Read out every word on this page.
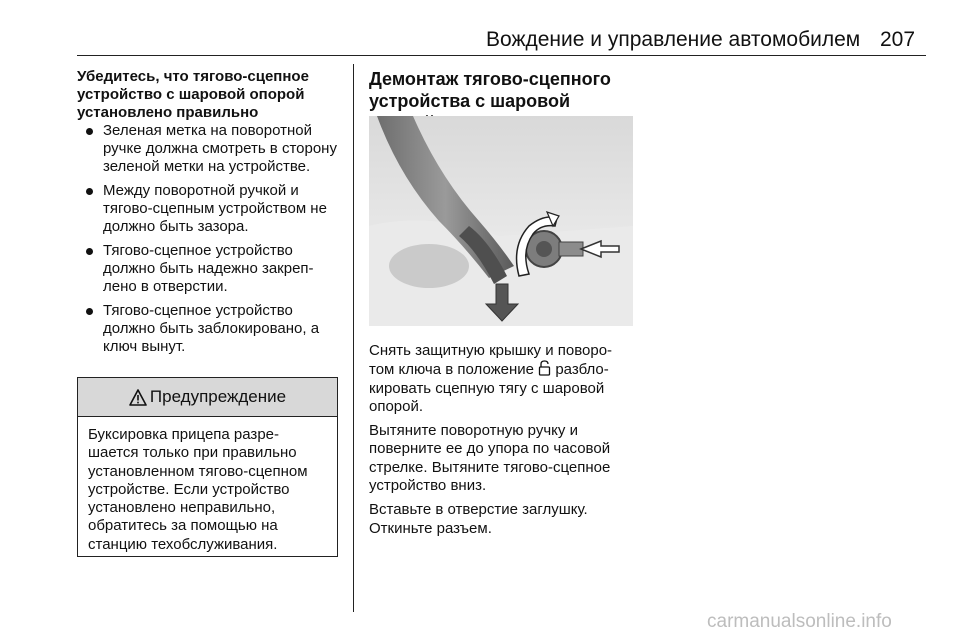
Вождение и управление автомобилем 207
Убедитесь, что тягово-сцепное устройство с шаровой опорой установлено правильно
Зеленая метка на поворотной ручке должна смотреть в сторону зеленой метки на устройстве.
Между поворотной ручкой и тягово-сцепным устройством не должно быть зазора.
Тягово-сцепное устройство должно быть надежно закреп-лено в отверстии.
Тягово-сцепное устройство должно быть заблокировано, а ключ вынут.
Предупреждение
Буксировка прицепа разре-шается только при правильно установленном тягово-сцепном устройстве. Если устройство установлено неправильно, обратитесь за помощью на станцию техобслуживания.
Демонтаж тягово-сцепного устройства с шаровой

Снять защитную крышку и поворо-том ключа в положение  разбло-кировать сцепную тягу с шаровой опорой.

Вытяните поворотную ручку и поверните ее до упора по часовой стрелке. Вытяните тягово-сцепное устройство вниз.

Вставьте в отверстие заглушку. Откиньте разъем.

carmanualsonline.info
